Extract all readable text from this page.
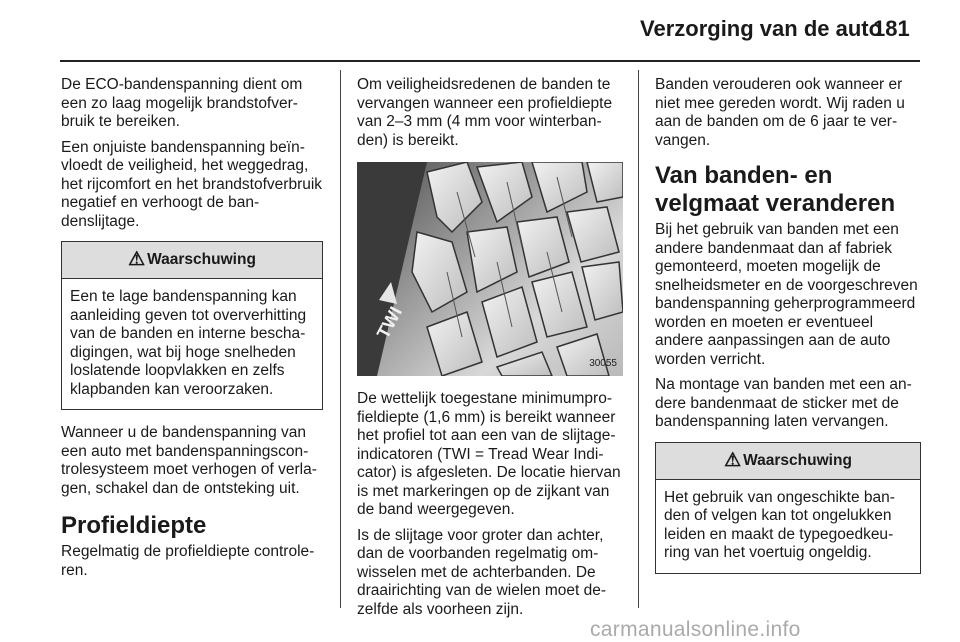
Verzorging van de auto
181

De ECO-bandenspanning dient om een zo laag mogelijk brandstofverbruik te bereiken.

Een onjuiste bandenspanning beïnvloedt de veiligheid, het weggedrag, het rijcomfort en het brandstofverbruik negatief en verhoogt de bandenslijtage.

⚠ Waarschuwing
Een te lage bandenspanning kan aanleiding geven tot oververhitting van de banden en interne beschadigingen, wat bij hoge snelheden loslatende loopvlakken en zelfs klapbanden kan veroorzaken.

Wanneer u de bandenspanning van een auto met bandenspanningscontrolesysteem moet verhogen of verlagen, schakel dan de ontsteking uit.

Profieldiepte

Regelmatig de profieldiepte controleren.

Om veiligheidsredenen de banden te vervangen wanneer een profieldiepte van 2–3 mm (4 mm voor winterbanden) is bereikt.

TWI
30055

De wettelijk toegestane minimumprofieldiepte (1,6 mm) is bereikt wanneer het profiel tot aan een van de slijtage-indicatoren (TWI = Tread Wear Indicator) is afgesleten. De locatie hiervan is met markeringen op de zijkant van de band weergegeven.

Is de slijtage voor groter dan achter, dan de voorbanden regelmatig omwisselen met de achterbanden. De draairichting van de wielen moet dezelfde als voorheen zijn.

Banden verouderen ook wanneer er niet mee gereden wordt. Wij raden u aan de banden om de 6 jaar te vervangen.

Van banden- en velgmaat veranderen

Bij het gebruik van banden met een andere bandenmaat dan af fabriek gemonteerd, moeten mogelijk de snelheidsmeter en de voorgeschreven bandenspanning geherprogrammeerd worden en moeten er eventueel andere aanpassingen aan de auto worden verricht.

Na montage van banden met een andere bandenmaat de sticker met de bandenspanning laten vervangen.

⚠ Waarschuwing
Het gebruik van ongeschikte banden of velgen kan tot ongelukken leiden en maakt de typegoedkeuring van het voertuig ongeldig.
carmanualsonline.info
